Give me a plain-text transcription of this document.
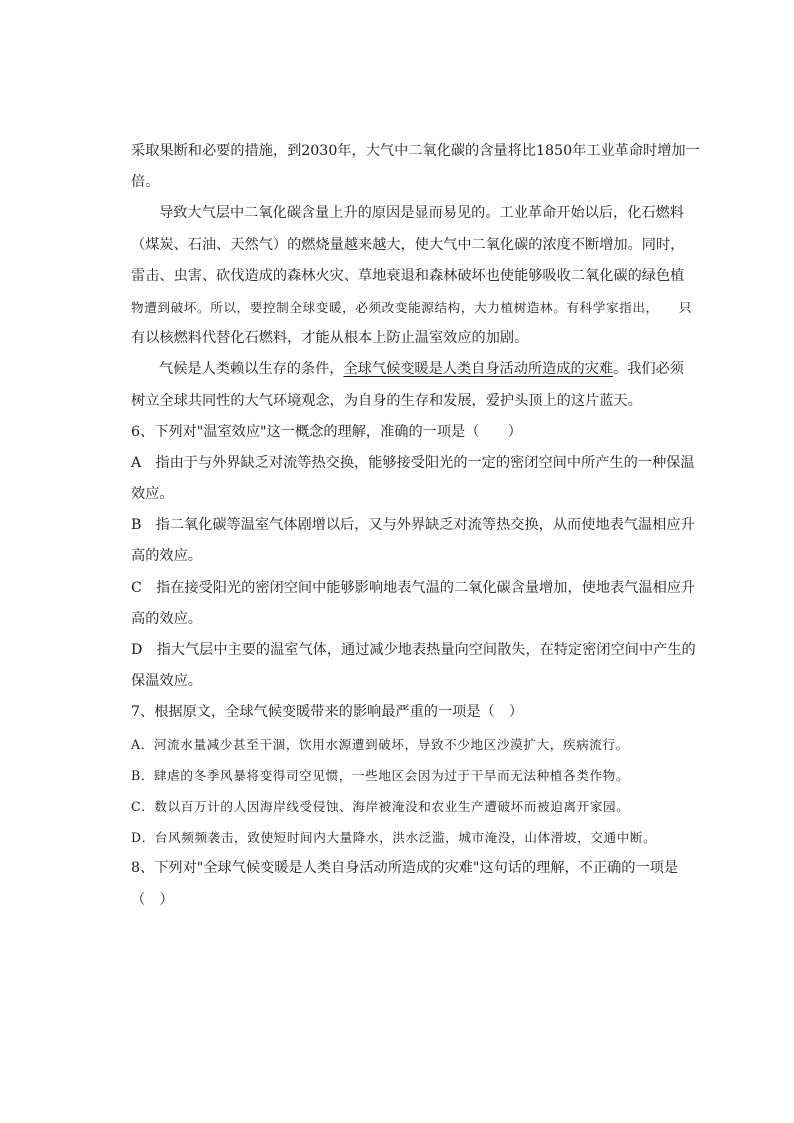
采取果断和必要的措施，到2030年，大气中二氧化碳的含量将比1850年工业革命时增加一
倍。
导致大气层中二氧化碳含量上升的原因是显而易见的。工业革命开始以后，化石燃料
（煤炭、石油、天然气）的燃烧量越来越大，使大气中二氧化碳的浓度不断增加。同时，
雷击、虫害、砍伐造成的森林火灾、草地衰退和森林破坏也使能够吸收二氧化碳的绿色植
物遭到破坏。所以，要控制全球变暖，必须改变能源结构，大力植树造林。有科学家指出，　　只
有以核燃料代替化石燃料，才能从根本上防止温室效应的加剧。
气候是人类赖以生存的条件，全球气候变暖是人类自身活动所造成的灾难。我们必须
树立全球共同性的大气环境观念，为自身的生存和发展，爱护头顶上的这片蓝天。
6、下列对"温室效应"这一概念的理解，准确的一项是（　　）
A　指由于与外界缺乏对流等热交换，能够接受阳光的一定的密闭空间中所产生的一种保温
效应。
B　指二氧化碳等温室气体剧增以后，又与外界缺乏对流等热交换，从而使地表气温相应升
高的效应。
C　指在接受阳光的密闭空间中能够影响地表气温的二氧化碳含量增加，使地表气温相应升
高的效应。
D　指大气层中主要的温室气体，通过减少地表热量向空间散失，在特定密闭空间中产生的
保温效应。
7、根据原文，全球气候变暖带来的影响最严重的一项是（　）
A．河流水量减少甚至干涸，饮用水源遭到破坏，导致不少地区沙漠扩大，疾病流行。
B．肆虐的冬季风暴将变得司空见惯，一些地区会因为过于干旱而无法种植各类作物。
C．数以百万计的人因海岸线受侵蚀、海岸被淹没和农业生产遭破坏而被迫离开家园。
D．台风频频袭击，致使短时间内大量降水，洪水泛滥，城市淹没，山体滑坡，交通中断。
8、下列对"全球气候变暖是人类自身活动所造成的灾难"这句话的理解，不正确的一项是
（　）
